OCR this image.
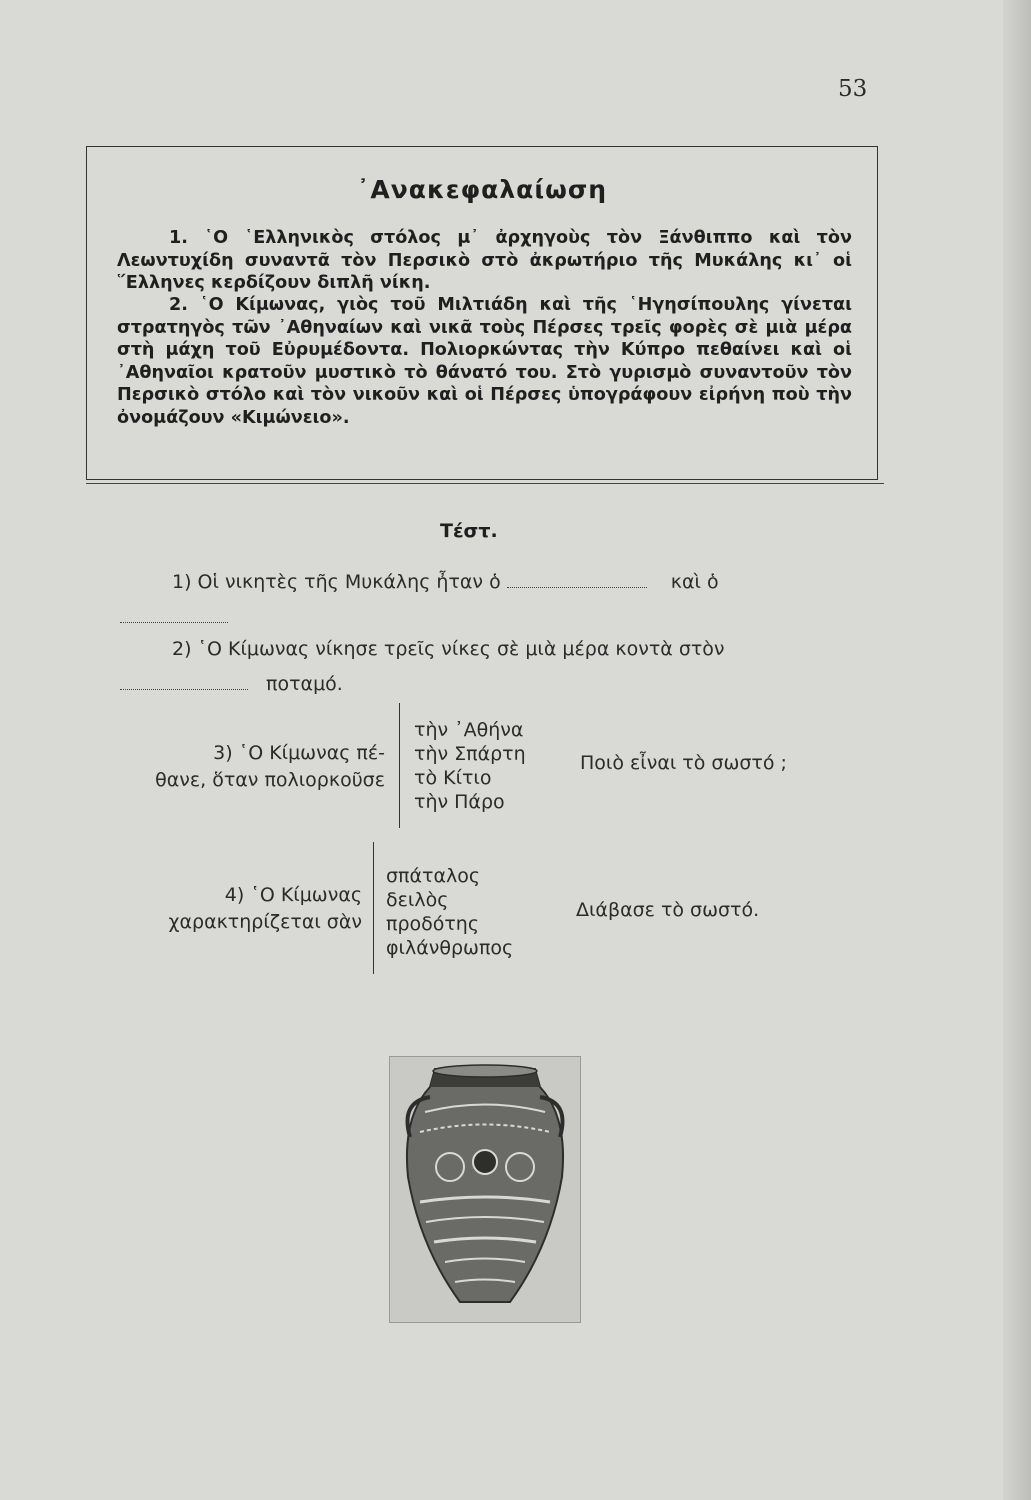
53
᾿Ανακεφαλαίωση

1. ῾Ο ῾Ελληνικὸς στόλος μ᾿ ἀρχηγοὺς τὸν Ξάνθιππο καὶ τὸν Λεωντυχίδη συναντᾶ τὸν Περσικὸ στὸ ἀκρωτήριο τῆς Μυκάλης κι᾿ οἱ ῞Ελληνες κερδίζουν διπλῆ νίκη.

2. ῾Ο Κίμωνας, γιὸς τοῦ Μιλτιάδη καὶ τῆς ῾Ηγησίπουλης γίνεται στρατηγὸς τῶν ᾿Αθηναίων καὶ νικᾶ τοὺς Πέρσες τρεῖς φορὲς σὲ μιὰ μέρα στὴ μάχη τοῦ Εὐρυμέδοντα. Πολιορκώντας τὴν Κύπρο πεθαίνει καὶ οἱ ᾿Αθηναῖοι κρατοῦν μυστικὸ τὸ θάνατό του. Στὸ γυρισμὸ συναντοῦν τὸν Περσικὸ στόλο καὶ τὸν νικοῦν καὶ οἱ Πέρσες ὑπογράφουν εἰρήνη ποὺ τὴν ὀνομάζουν «Κιμώνειο».

Τέστ.
1) Οἱ νικητὲς τῆς Μυκάλης ἦταν ὁ	καὶ ὁ
2) ῾Ο Κίμωνας νίκησε τρεῖς νίκες σὲ μιὰ μέρα κοντὰ στὸν
ποταμό.
3) ῾Ο Κίμωνας πέ-
θανε, ὅταν πολιορκοῦσε
τὴν ᾿Αθήνα
τὴν Σπάρτη
τὸ Κίτιο
τὴν Πάρο
Ποιὸ εἶναι τὸ σωστό ;
4) ῾Ο Κίμωνας
χαρακτηρίζεται σὰν
σπάταλος
δειλὸς
προδότης
φιλάνθρωπος
Διάβασε τὸ σωστό.
